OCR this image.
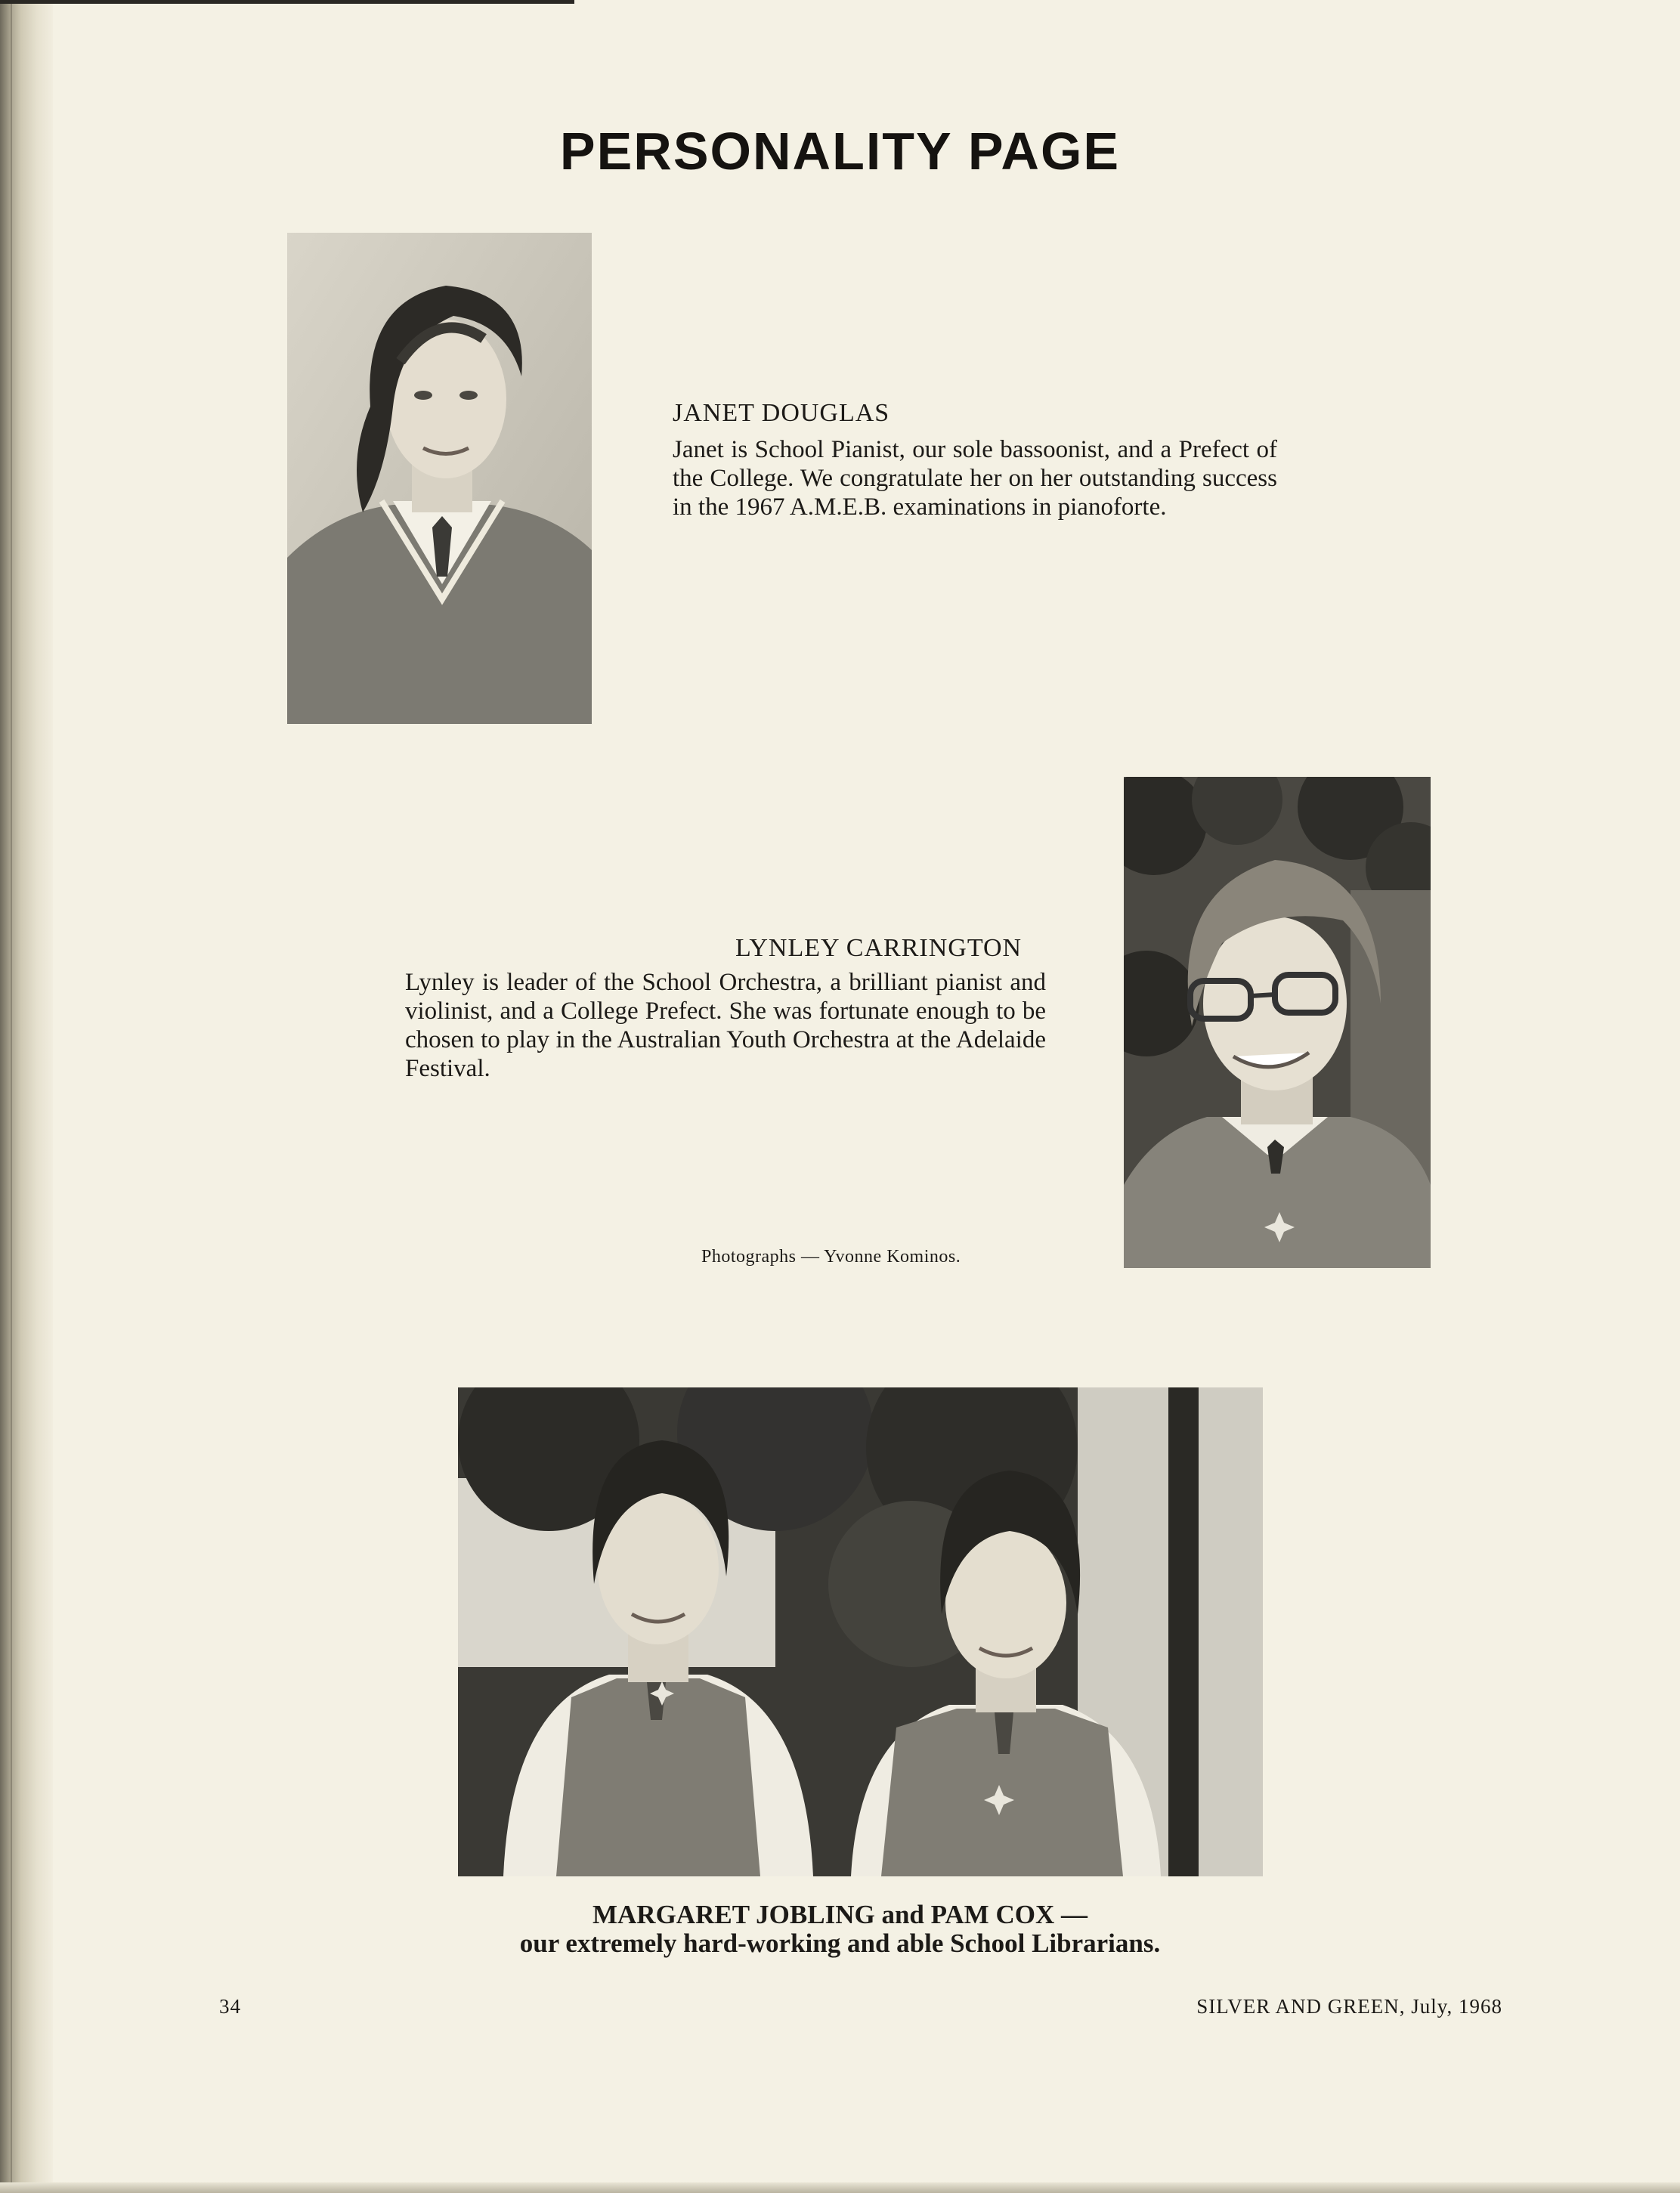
PERSONALITY PAGE
JANET DOUGLAS

Janet is School Pianist, our sole bassoonist, and a Prefect of the College. We congratulate her on her outstanding success in the 1967 A.M.E.B. examinations in pianoforte.

LYNLEY CARRINGTON

Lynley is leader of the School Orchestra, a brilliant pianist and violinist, and a College Prefect. She was fortunate enough to be chosen to play in the Australian Youth Orchestra at the Adelaide Festival.

Photographs — Yvonne Kominos.
MARGARET JOBLING and PAM COX —
our extremely hard-working and able School Librarians.
34	SILVER AND GREEN, July, 1968
